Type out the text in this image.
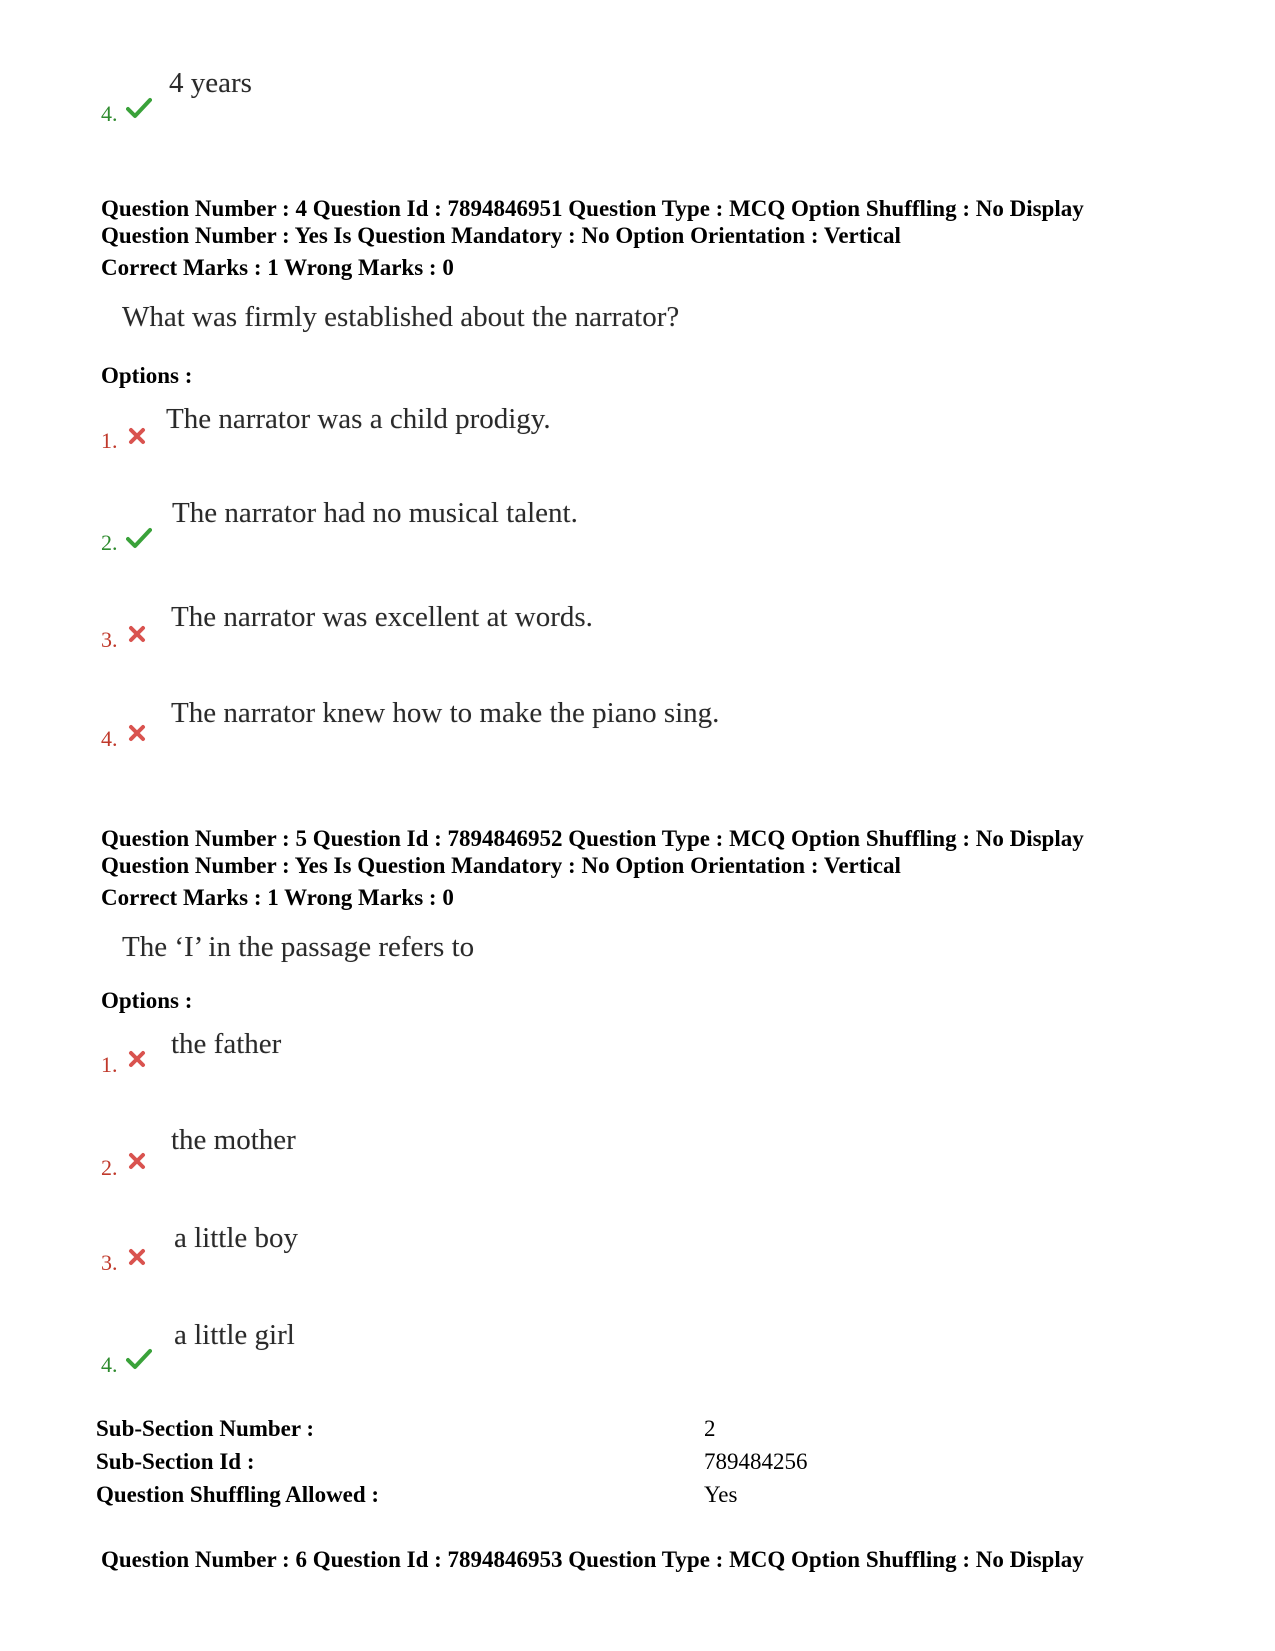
4.
4 years
Question Number : 4 Question Id : 7894846951 Question Type : MCQ Option Shuffling : No Display
Question Number : Yes Is Question Mandatory : No Option Orientation : Vertical
Correct Marks : 1 Wrong Marks : 0
What was firmly established about the narrator?
Options :
1.
The narrator was a child prodigy.
2.
The narrator had no musical talent.
3.
The narrator was excellent at words.
4.
The narrator knew how to make the piano sing.
Question Number : 5 Question Id : 7894846952 Question Type : MCQ Option Shuffling : No Display
Question Number : Yes Is Question Mandatory : No Option Orientation : Vertical
Correct Marks : 1 Wrong Marks : 0
The ‘I’ in the passage refers to
Options :
1.
the father
2.
the mother
3.
a little boy
4.
a little girl
Sub-Section Number :	2
Sub-Section Id :	789484256
Question Shuffling Allowed :	Yes
Question Number : 6 Question Id : 7894846953 Question Type : MCQ Option Shuffling : No Display
